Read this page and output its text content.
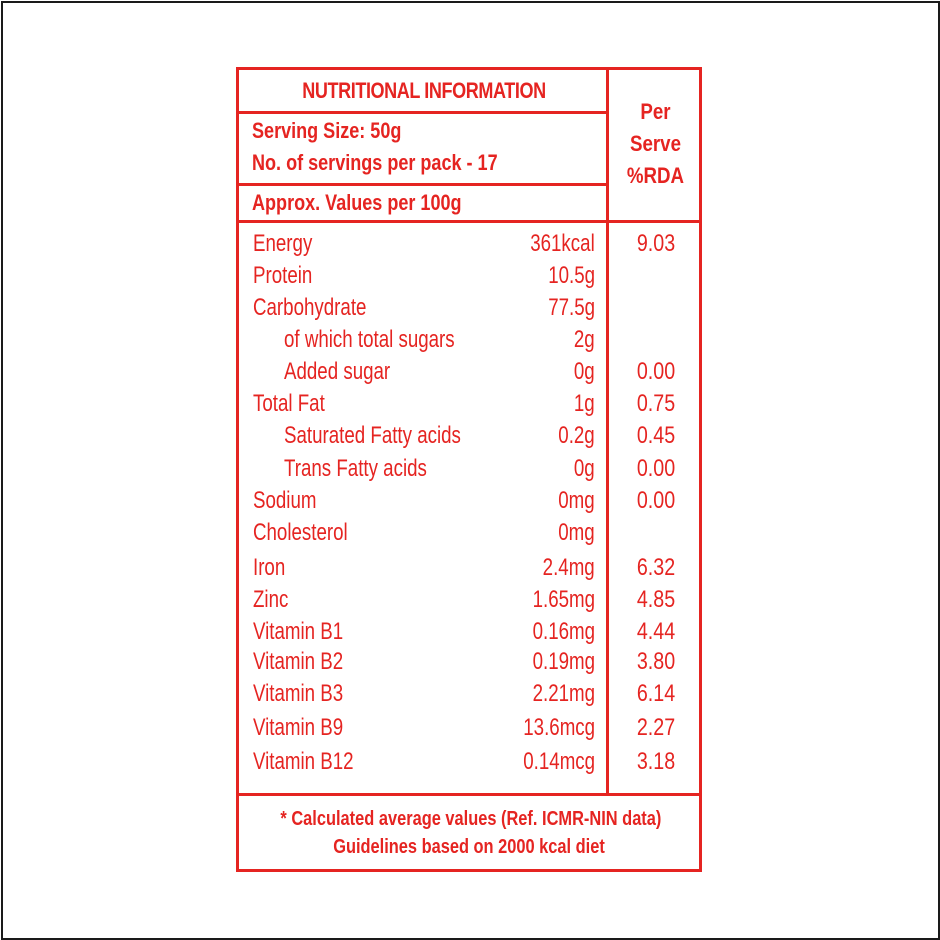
NUTRITIONAL INFORMATION
Serving Size: 50g
No. of servings per pack - 17
Approx. Values per 100g
Per
Serve
%RDA
Energy	361kcal	9.03
Protein	10.5g
Carbohydrate	77.5g
of which total sugars	2g
Added sugar	0g	0.00
Total Fat	1g	0.75
Saturated Fatty acids	0.2g	0.45
Trans Fatty acids	0g	0.00
Sodium	0mg	0.00
Cholesterol	0mg
Iron	2.4mg	6.32
Zinc	1.65mg	4.85
Vitamin B1	0.16mg	4.44
Vitamin B2	0.19mg	3.80
Vitamin B3	2.21mg	6.14
Vitamin B9	13.6mcg	2.27
Vitamin B12	0.14mcg	3.18
* Calculated average values (Ref. ICMR-NIN data)
Guidelines based on 2000 kcal diet
